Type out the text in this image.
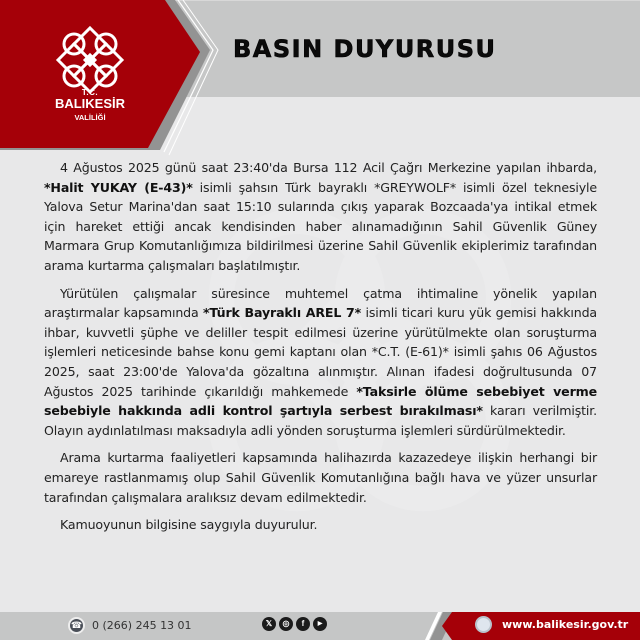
T.C.
BALIKESİR
VALİLİĞİ
BASIN DUYURUSU

4 Ağustos 2025 günü saat 23:40'da Bursa 112 Acil Çağrı Merkezine yapılan ihbarda, *Halit YUKAY (E-43)* isimli şahsın Türk bayraklı *GREYWOLF* isimli özel teknesiyle Yalova Setur Marina'dan saat 15:10 sularında çıkış yaparak Bozcaada'ya intikal etmek için hareket ettiği ancak kendisinden haber alınamadığının Sahil Güvenlik Güney Marmara Grup Komutanlığımıza bildirilmesi üzerine Sahil Güvenlik ekiplerimiz tarafından arama kurtarma çalışmaları başlatılmıştır.

Yürütülen çalışmalar süresince muhtemel çatma ihtimaline yönelik yapılan araştırmalar kapsamında *Türk Bayraklı AREL 7* isimli ticari kuru yük gemisi hakkında ihbar, kuvvetli şüphe ve deliller tespit edilmesi üzerine yürütülmekte olan soruşturma işlemleri neticesinde bahse konu gemi kaptanı olan *C.T. (E-61)* isimli şahıs 06 Ağustos 2025, saat 23:00'de Yalova'da gözaltına alınmıştır. Alınan ifadesi doğrultusunda 07 Ağustos 2025 tarihinde çıkarıldığı mahkemede *Taksirle ölüme sebebiyet verme sebebiyle hakkında adli kontrol şartıyla serbest bırakılması* kararı verilmiştir. Olayın aydınlatılması maksadıyla adli yönden soruşturma işlemleri sürdürülmektedir.

Arama kurtarma faaliyetleri kapsamında halihazırda kazazedeye ilişkin herhangi bir emareye rastlanmamış olup Sahil Güvenlik Komutanlığına bağlı hava ve yüzer unsurlar tarafından çalışmalara aralıksız devam edilmektedir.

Kamuoyunun bilgisine saygıyla duyurulur.

☎ 0 (266) 245 13 01	𝕏	◎	f	▶	www.balikesir.gov.tr
